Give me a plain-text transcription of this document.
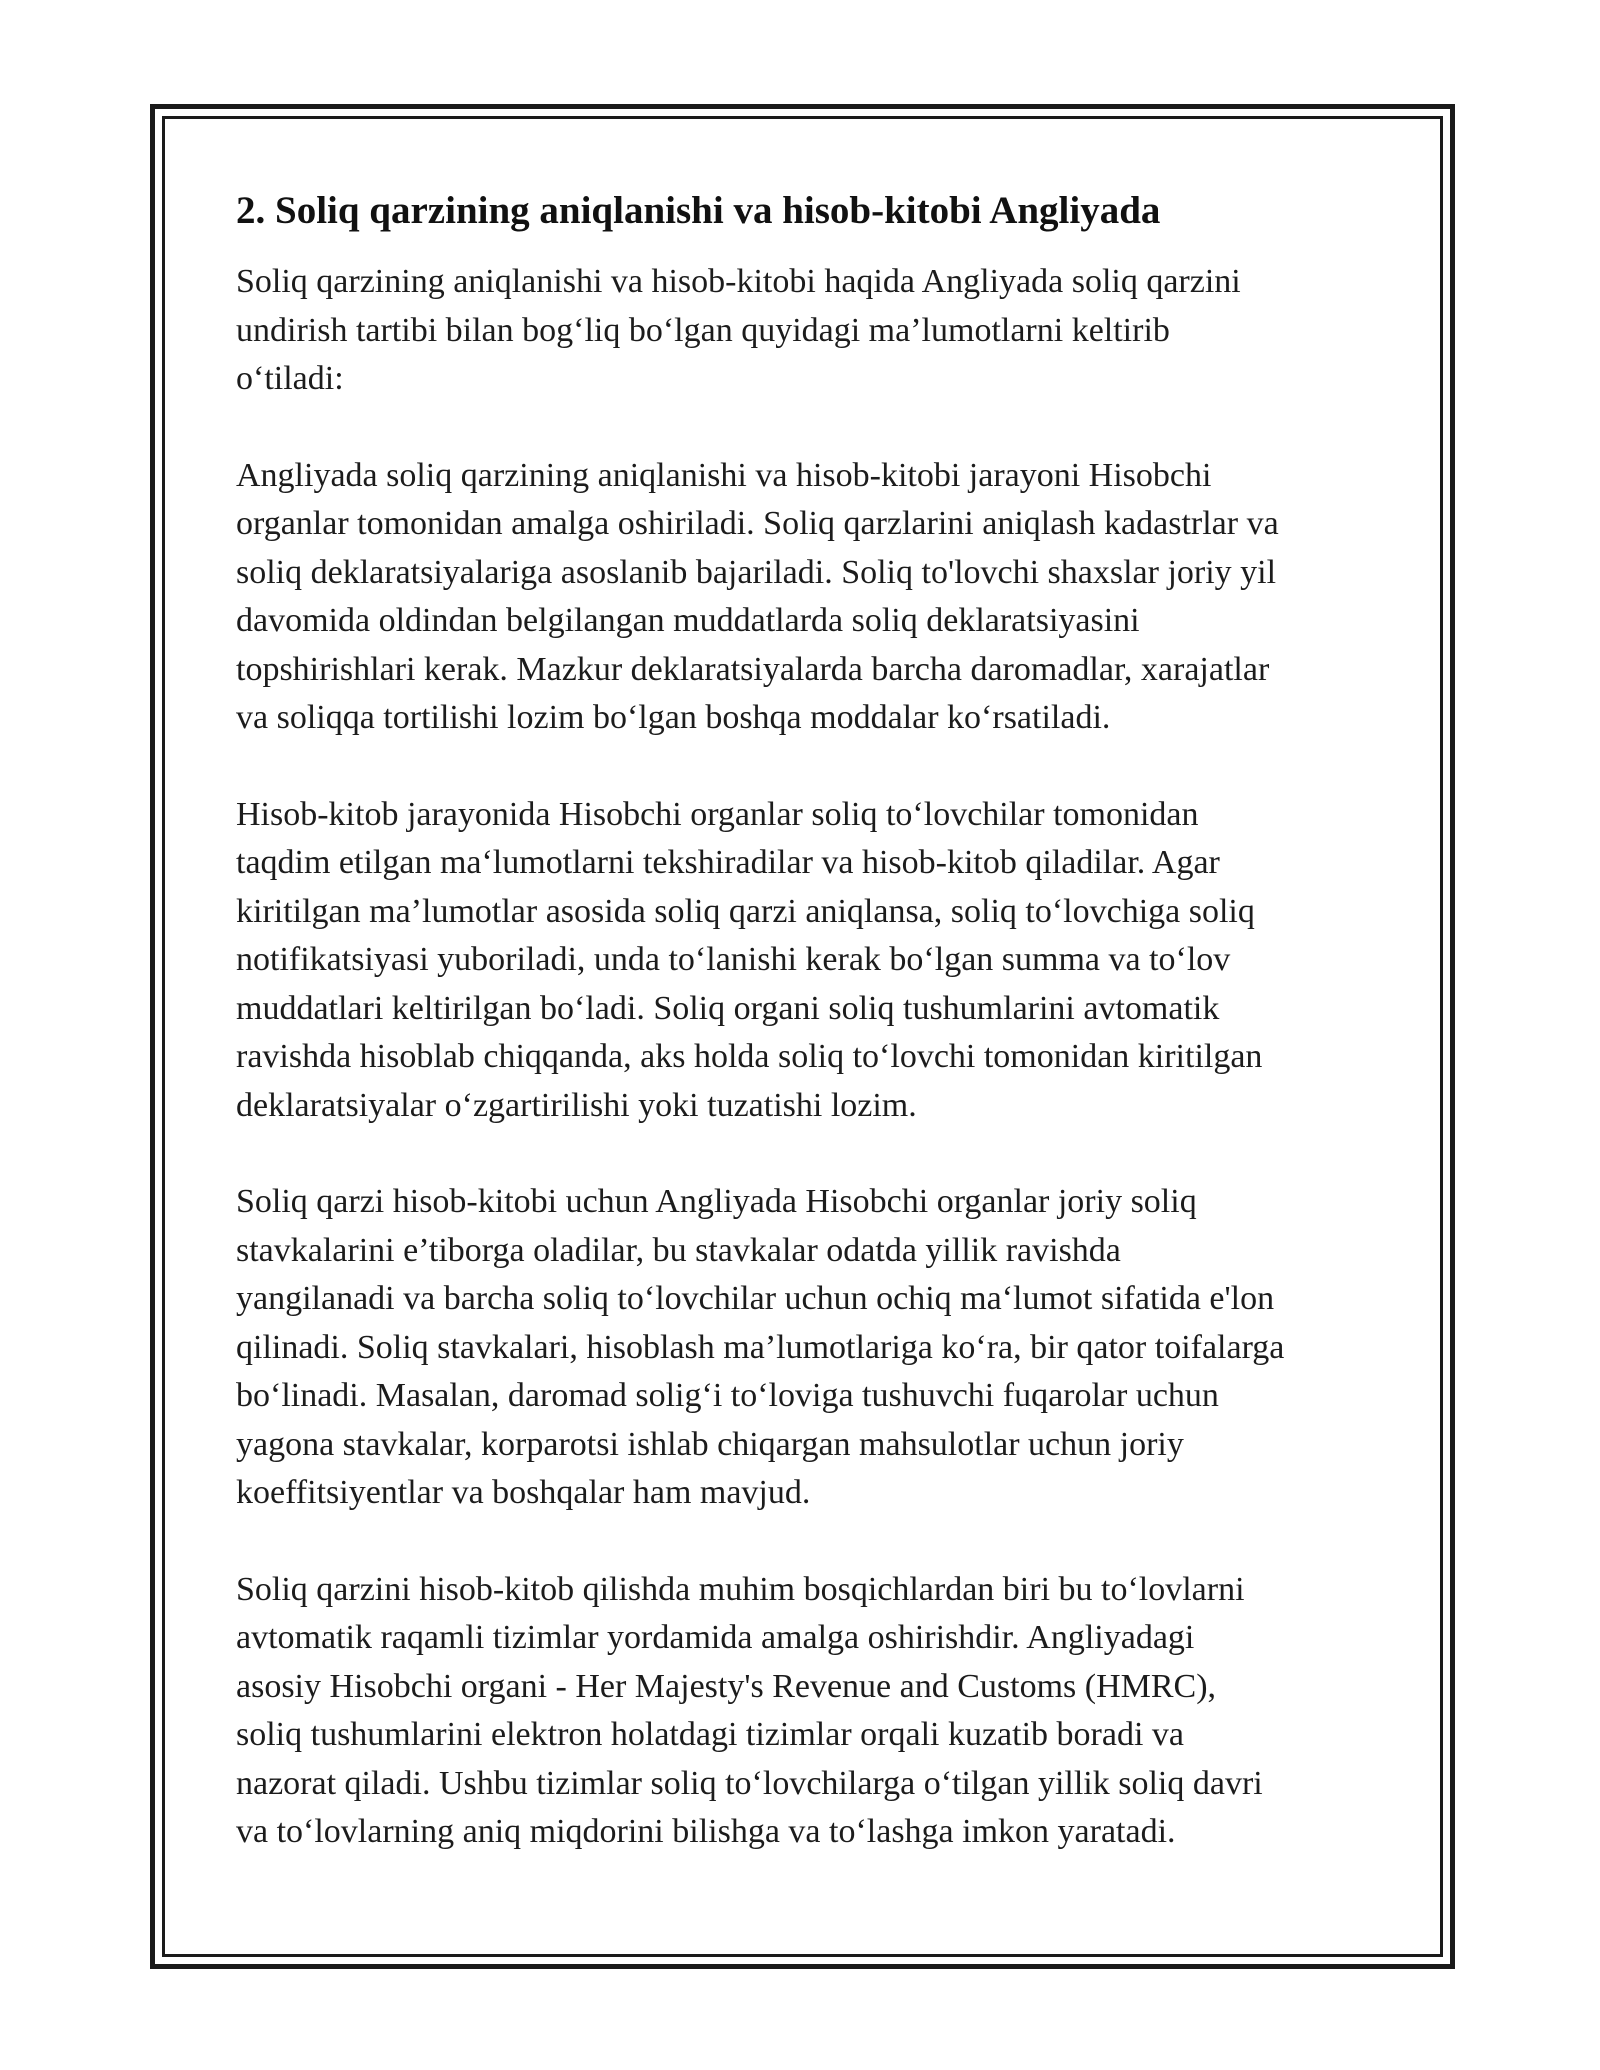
2. Soliq qarzining aniqlanishi va hisob-kitobi Angliyada

Soliq qarzining aniqlanishi va hisob-kitobi haqida Angliyada soliq qarzini
undirish tartibi bilan bog‘liq bo‘lgan quyidagi ma’lumotlarni keltirib
o‘tiladi:

Angliyada soliq qarzining aniqlanishi va hisob-kitobi jarayoni Hisobchi
organlar tomonidan amalga oshiriladi. Soliq qarzlarini aniqlash kadastrlar va
soliq deklaratsiyalariga asoslanib bajariladi. Soliq to'lovchi shaxslar joriy yil
davomida oldindan belgilangan muddatlarda soliq deklaratsiyasini
topshirishlari kerak. Mazkur deklaratsiyalarda barcha daromadlar, xarajatlar
va soliqqa tortilishi lozim bo‘lgan boshqa moddalar ko‘rsatiladi.

Hisob-kitob jarayonida Hisobchi organlar soliq to‘lovchilar tomonidan
taqdim etilgan ma‘lumotlarni tekshiradilar va hisob-kitob qiladilar. Agar
kiritilgan ma’lumotlar asosida soliq qarzi aniqlansa, soliq to‘lovchiga soliq
notifikatsiyasi yuboriladi, unda to‘lanishi kerak bo‘lgan summa va to‘lov
muddatlari keltirilgan bo‘ladi. Soliq organi soliq tushumlarini avtomatik
ravishda hisoblab chiqqanda, aks holda soliq to‘lovchi tomonidan kiritilgan
deklaratsiyalar o‘zgartirilishi yoki tuzatishi lozim.

Soliq qarzi hisob-kitobi uchun Angliyada Hisobchi organlar joriy soliq
stavkalarini e’tiborga oladilar, bu stavkalar odatda yillik ravishda
yangilanadi va barcha soliq to‘lovchilar uchun ochiq ma‘lumot sifatida e'lon
qilinadi. Soliq stavkalari, hisoblash ma’lumotlariga ko‘ra, bir qator toifalarga
bo‘linadi. Masalan, daromad solig‘i to‘loviga tushuvchi fuqarolar uchun
yagona stavkalar, korparotsi ishlab chiqargan mahsulotlar uchun joriy
koeffitsiyentlar va boshqalar ham mavjud.

Soliq qarzini hisob-kitob qilishda muhim bosqichlardan biri bu to‘lovlarni
avtomatik raqamli tizimlar yordamida amalga oshirishdir. Angliyadagi
asosiy Hisobchi organi - Her Majesty's Revenue and Customs (HMRC),
soliq tushumlarini elektron holatdagi tizimlar orqali kuzatib boradi va
nazorat qiladi. Ushbu tizimlar soliq to‘lovchilarga o‘tilgan yillik soliq davri
va to‘lovlarning aniq miqdorini bilishga va to‘lashga imkon yaratadi.
